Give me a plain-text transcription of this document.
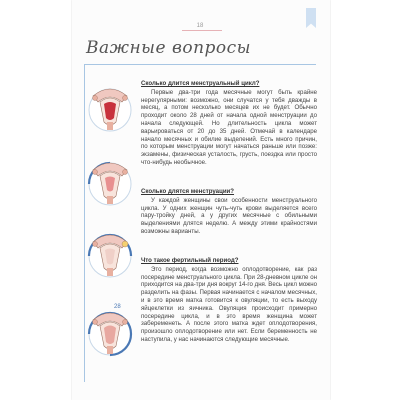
18
Важные вопросы
28
Сколько длится менструальный цикл?

Первые два-три года месячные могут быть крайне нерегулярными: возможно, они случатся у тебя дважды в месяц, а потом несколько месяцев их не будет. Обычно проходит около 28 дней от начала одной менструации до начала следующей. Но длительность цикла может варьироваться от 20 до 35 дней. Отмечай в календаре начало месячных и обилие выделений. Есть много причин, по которым менструации могут начаться раньше или позже: экзамены, физическая усталость, грусть, поездка или просто что-нибудь необычное.

Сколько длятся менструации?

У каждой женщины свои особенности менструального цикла. У одних женщин чуть-чуть крови выделяется всего пару-тройку дней, а у других месячные с обильными выделениями длятся неделю. А между этими крайностями возможны варианты.

Что такое фертильный период?

Это период, когда возможно оплодотворение, как раз посередине менструального цикла. При 28-дневном цикле он приходится на два-три дня вокруг 14-го дня. Весь цикл можно разделить на фазы. Первая начинается с началом месячных, и в это время матка готовится к овуляции, то есть выходу яйцеклетки из яичника. Овуляция происходит примерно посередине цикла, и в это время женщина может забеременеть. А после этого матка ждет оплодотворения, произошло оплодотворение или нет. Если беременность не наступила, у нас начинаются следующие месячные.
